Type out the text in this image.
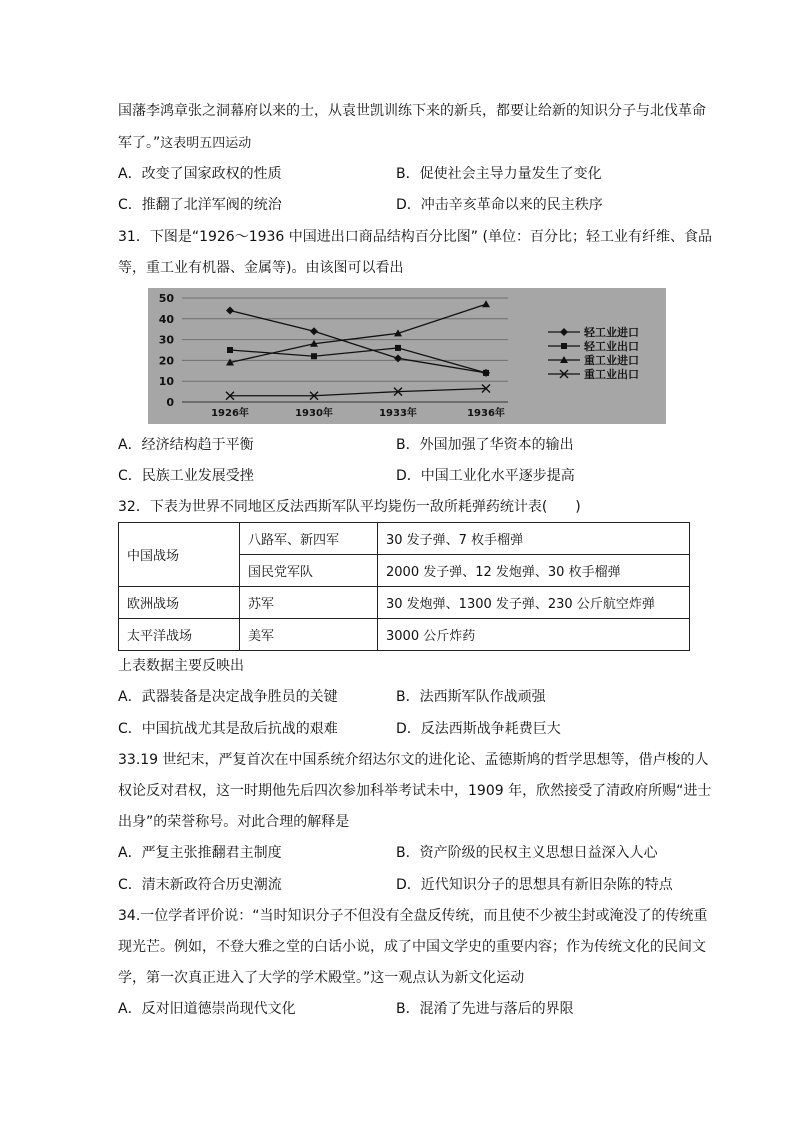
国藩李鸿章张之洞幕府以来的士，从袁世凯训练下来的新兵，都要让给新的知识分子与北伐革命
军了。”这表明五四运动
A．改变了国家政权的性质	B．促使社会主导力量发生了变化
C．推翻了北洋军阀的统治	D．冲击辛亥革命以来的民主秩序
31．下图是“1926～1936 中国进出口商品结构百分比图” (单位：百分比；轻工业有纤维、食品
等，重工业有机器、金属等)。由该图可以看出
0
10
20
30
40
50
1926年	1930年	1933年	1936年
轻工业进口
轻工业出口
重工业进口
重工业出口
A．经济结构趋于平衡	B．外国加强了华资本的输出
C．民族工业发展受挫	D．中国工业化水平逐步提高
32．下表为世界不同地区反法西斯军队平均毙伤一敌所耗弹药统计表(　　)
中国战场	八路军、新四军	30 发子弹、7 枚手榴弹
	国民党军队	2000 发子弹、12 发炮弹、30 枚手榴弹
欧洲战场	苏军	30 发炮弹、1300 发子弹、230 公斤航空炸弹
太平洋战场	美军	3000 公斤炸药
上表数据主要反映出
A．武器装备是决定战争胜员的关键	B．法西斯军队作战顽强
C．中国抗战尤其是敌后抗战的艰难	D．反法西斯战争耗费巨大
33.19 世纪末，严复首次在中国系统介绍达尔文的进化论、孟德斯鸠的哲学思想等，借卢梭的人
权论反对君权，这一时期他先后四次参加科举考试未中，1909 年，欣然接受了清政府所赐“进士
出身”的荣誉称号。对此合理的解释是
A．严复主张推翻君主制度	B．资产阶级的民权主义思想日益深入人心
C．清末新政符合历史潮流	D．近代知识分子的思想具有新旧杂陈的特点
34.一位学者评价说：“当时知识分子不但没有全盘反传统，而且使不少被尘封或淹没了的传统重
现光芒。例如，不登大雅之堂的白话小说，成了中国文学史的重要内容；作为传统文化的民间文
学，第一次真正进入了大学的学术殿堂。”这一观点认为新文化运动
A．反对旧道德崇尚现代文化	B．混淆了先进与落后的界限
